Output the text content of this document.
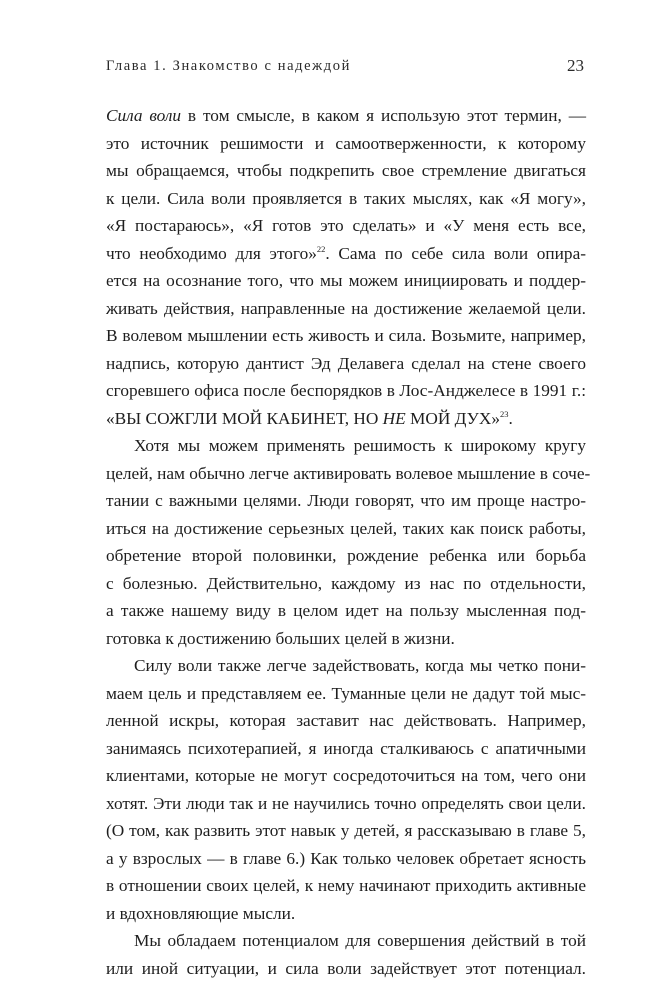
Глава 1. Знакомство с надеждой	23
Сила воли в том смысле, в каком я использую этот термин, —
это источник решимости и самоотверженности, к которому
мы обращаемся, чтобы подкрепить свое стремление двигаться
к цели. Сила воли проявляется в таких мыслях, как «Я могу»,
«Я постараюсь», «Я готов это сделать» и «У меня есть все,
что необходимо для этого»$^{22}$. Сама по себе сила воли опира-
ется на осознание того, что мы можем инициировать и поддер-
живать действия, направленные на достижение желаемой цели.
В волевом мышлении есть живость и сила. Возьмите, например,
надпись, которую дантист Эд Делавега сделал на стене своего
сгоревшего офиса после беспорядков в Лос-Анджелесе в 1991 г.:
«ВЫ СОЖГЛИ МОЙ КАБИНЕТ, НО НЕ МОЙ ДУХ»$^{23}$.
Хотя мы можем применять решимость к широкому кругу
целей, нам обычно легче активировать волевое мышление в соче-
тании с важными целями. Люди говорят, что им проще настро-
иться на достижение серьезных целей, таких как поиск работы,
обретение второй половинки, рождение ребенка или борьба
с болезнью. Действительно, каждому из нас по отдельности,
а также нашему виду в целом идет на пользу мысленная под-
готовка к достижению больших целей в жизни.
Силу воли также легче задействовать, когда мы четко пони-
маем цель и представляем ее. Туманные цели не дадут той мыс-
ленной искры, которая заставит нас действовать. Например,
занимаясь психотерапией, я иногда сталкиваюсь с апатичными
клиентами, которые не могут сосредоточиться на том, чего они
хотят. Эти люди так и не научились точно определять свои цели.
(О том, как развить этот навык у детей, я рассказываю в главе 5,
а у взрослых — в главе 6.) Как только человек обретает ясность
в отношении своих целей, к нему начинают приходить активные
и вдохновляющие мысли.
Мы обладаем потенциалом для совершения действий в той
или иной ситуации, и сила воли задействует этот потенциал.
